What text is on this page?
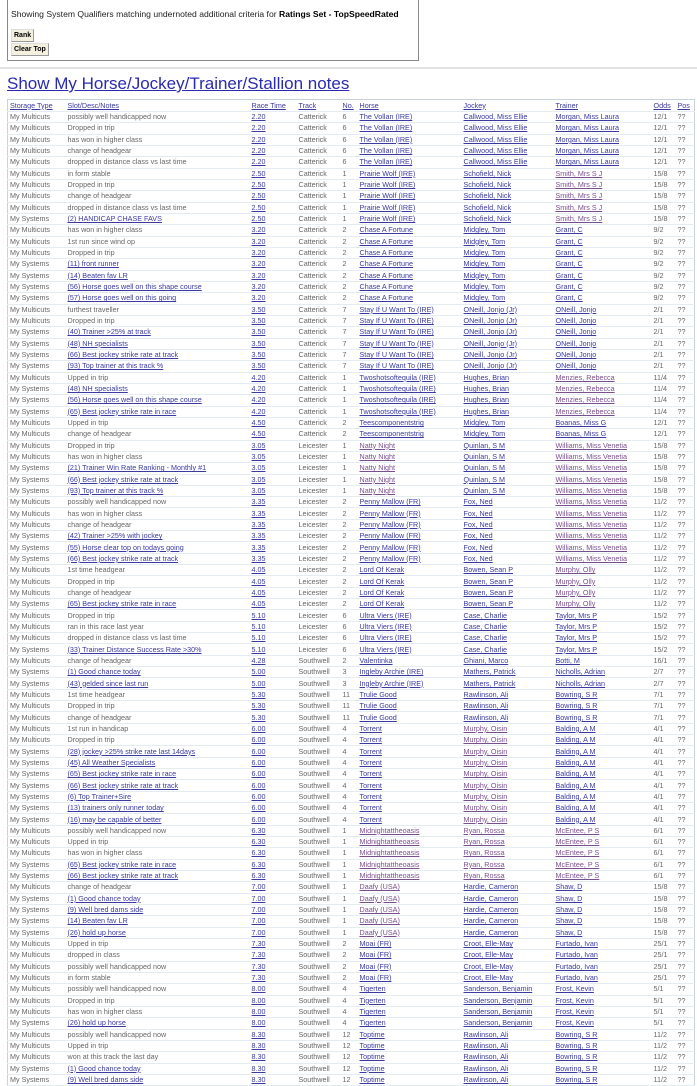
Showing System Qualifiers matching undernoted additional criteria for Ratings Set - TopSpeedRated
Rank
Clear Top
Show My Horse/Jockey/Trainer/Stallion notes
Storage Type	Slot/Desc/Notes	Race Time	Track	No.	Horse	Jockey	Trainer	Odds	Pos
My Multicuts	possibly well handicapped now	2.20	Catterick	6	The Vollan (IRE)	Callwood, Miss Ellie	Morgan, Miss Laura	12/1	??
My Multicuts	Dropped in trip	2.20	Catterick	6	The Vollan (IRE)	Callwood, Miss Ellie	Morgan, Miss Laura	12/1	??
My Multicuts	has won in higher class	2.20	Catterick	6	The Vollan (IRE)	Callwood, Miss Ellie	Morgan, Miss Laura	12/1	??
My Multicuts	change of headgear	2.20	Catterick	6	The Vollan (IRE)	Callwood, Miss Ellie	Morgan, Miss Laura	12/1	??
My Multicuts	dropped in distance class vs last time	2.20	Catterick	6	The Vollan (IRE)	Callwood, Miss Ellie	Morgan, Miss Laura	12/1	??
My Multicuts	in form stable	2.50	Catterick	1	Prairie Wolf (IRE)	Schofield, Nick	Smith, Mrs S J	15/8	??
My Multicuts	Dropped in trip	2.50	Catterick	1	Prairie Wolf (IRE)	Schofield, Nick	Smith, Mrs S J	15/8	??
My Multicuts	change of headgear	2.50	Catterick	1	Prairie Wolf (IRE)	Schofield, Nick	Smith, Mrs S J	15/8	??
My Multicuts	dropped in distance class vs last time	2.50	Catterick	1	Prairie Wolf (IRE)	Schofield, Nick	Smith, Mrs S J	15/8	??
My Systems	(2) HANDICAP CHASE FAVS	2.50	Catterick	1	Prairie Wolf (IRE)	Schofield, Nick	Smith, Mrs S J	15/8	??
My Multicuts	has won in higher class	3.20	Catterick	2	Chase A Fortune	Midgley, Tom	Grant, C	9/2	??
My Multicuts	1st run since wind op	3.20	Catterick	2	Chase A Fortune	Midgley, Tom	Grant, C	9/2	??
My Multicuts	Dropped in trip	3.20	Catterick	2	Chase A Fortune	Midgley, Tom	Grant, C	9/2	??
My Systems	(11) front runner	3.20	Catterick	2	Chase A Fortune	Midgley, Tom	Grant, C	9/2	??
My Systems	(14) Beaten fav LR	3.20	Catterick	2	Chase A Fortune	Midgley, Tom	Grant, C	9/2	??
My Systems	(56) Horse goes well on this shape course	3.20	Catterick	2	Chase A Fortune	Midgley, Tom	Grant, C	9/2	??
My Systems	(57) Horse goes well on this going	3.20	Catterick	2	Chase A Fortune	Midgley, Tom	Grant, C	9/2	??
My Multicuts	furthest traveller	3.50	Catterick	7	Stay If U Want To (IRE)	ONeill, Jonjo (Jr)	ONeill, Jonjo	2/1	??
My Multicuts	Dropped in trip	3.50	Catterick	7	Stay If U Want To (IRE)	ONeill, Jonjo (Jr)	ONeill, Jonjo	2/1	??
My Systems	(40) Trainer >25% at track	3.50	Catterick	7	Stay If U Want To (IRE)	ONeill, Jonjo (Jr)	ONeill, Jonjo	2/1	??
My Systems	(48) NH specialists	3.50	Catterick	7	Stay If U Want To (IRE)	ONeill, Jonjo (Jr)	ONeill, Jonjo	2/1	??
My Systems	(66) Best jockey strike rate at track	3.50	Catterick	7	Stay If U Want To (IRE)	ONeill, Jonjo (Jr)	ONeill, Jonjo	2/1	??
My Systems	(93) Top trainer at this track %	3.50	Catterick	7	Stay If U Want To (IRE)	ONeill, Jonjo (Jr)	ONeill, Jonjo	2/1	??
My Multicuts	Upped in trip	4.20	Catterick	1	Twoshotsoftequila (IRE)	Hughes, Brian	Menzies, Rebecca	11/4	??
My Systems	(48) NH specialists	4.20	Catterick	1	Twoshotsoftequila (IRE)	Hughes, Brian	Menzies, Rebecca	11/4	??
My Systems	(56) Horse goes well on this shape course	4.20	Catterick	1	Twoshotsoftequila (IRE)	Hughes, Brian	Menzies, Rebecca	11/4	??
My Systems	(65) Best jockey strike rate in race	4.20	Catterick	1	Twoshotsoftequila (IRE)	Hughes, Brian	Menzies, Rebecca	11/4	??
My Multicuts	Upped in trip	4.50	Catterick	2	Teescomponentstrig	Midgley, Tom	Boanas, Miss G	12/1	??
My Multicuts	change of headgear	4.50	Catterick	2	Teescomponentstrig	Midgley, Tom	Boanas, Miss G	12/1	??
My Multicuts	Dropped in trip	3.05	Leicester	1	Natty Night	Quinlan, S M	Williams, Miss Venetia	15/8	??
My Multicuts	has won in higher class	3.05	Leicester	1	Natty Night	Quinlan, S M	Williams, Miss Venetia	15/8	??
My Systems	(21) Trainer Win Rate Ranking - Monthly #1	3.05	Leicester	1	Natty Night	Quinlan, S M	Williams, Miss Venetia	15/8	??
My Systems	(66) Best jockey strike rate at track	3.05	Leicester	1	Natty Night	Quinlan, S M	Williams, Miss Venetia	15/8	??
My Systems	(93) Top trainer at this track %	3.05	Leicester	1	Natty Night	Quinlan, S M	Williams, Miss Venetia	15/8	??
My Multicuts	possibly well handicapped now	3.35	Leicester	2	Penny Mallow (FR)	Fox, Ned	Williams, Miss Venetia	11/2	??
My Multicuts	has won in higher class	3.35	Leicester	2	Penny Mallow (FR)	Fox, Ned	Williams, Miss Venetia	11/2	??
My Multicuts	change of headgear	3.35	Leicester	2	Penny Mallow (FR)	Fox, Ned	Williams, Miss Venetia	11/2	??
My Systems	(42) Trainer >25% with jockey	3.35	Leicester	2	Penny Mallow (FR)	Fox, Ned	Williams, Miss Venetia	11/2	??
My Systems	(55) Horse clear top on todays going	3.35	Leicester	2	Penny Mallow (FR)	Fox, Ned	Williams, Miss Venetia	11/2	??
My Systems	(66) Best jockey strike rate at track	3.35	Leicester	2	Penny Mallow (FR)	Fox, Ned	Williams, Miss Venetia	11/2	??
My Multicuts	1st time headgear	4.05	Leicester	2	Lord Of Kerak	Bowen, Sean P	Murphy, Olly	11/2	??
My Multicuts	Dropped in trip	4.05	Leicester	2	Lord Of Kerak	Bowen, Sean P	Murphy, Olly	11/2	??
My Multicuts	change of headgear	4.05	Leicester	2	Lord Of Kerak	Bowen, Sean P	Murphy, Olly	11/2	??
My Systems	(65) Best jockey strike rate in race	4.05	Leicester	2	Lord Of Kerak	Bowen, Sean P	Murphy, Olly	11/2	??
My Multicuts	Dropped in trip	5.10	Leicester	6	Ultra Viers (IRE)	Case, Charlie	Taylor, Mrs P	15/2	??
My Multicuts	ran in this race last year	5.10	Leicester	6	Ultra Viers (IRE)	Case, Charlie	Taylor, Mrs P	15/2	??
My Multicuts	dropped in distance class vs last time	5.10	Leicester	6	Ultra Viers (IRE)	Case, Charlie	Taylor, Mrs P	15/2	??
My Systems	(33) Trainer Distance Success Rate >30%	5.10	Leicester	6	Ultra Viers (IRE)	Case, Charlie	Taylor, Mrs P	15/2	??
My Multicuts	change of headgear	4.28	Southwell	2	Valentinka	Ghiani, Marco	Botti, M	16/1	??
My Systems	(1) Good chance today	5.00	Southwell	3	Ingleby Archie (IRE)	Mathers, Patrick	Nicholls, Adrian	2/7	??
My Systems	(43) gelded since last run	5.00	Southwell	3	Ingleby Archie (IRE)	Mathers, Patrick	Nicholls, Adrian	2/7	??
My Multicuts	1st time headgear	5.30	Southwell	11	Trulie Good	Rawlinson, Ali	Bowring, S R	7/1	??
My Multicuts	Dropped in trip	5.30	Southwell	11	Trulie Good	Rawlinson, Ali	Bowring, S R	7/1	??
My Multicuts	change of headgear	5.30	Southwell	11	Trulie Good	Rawlinson, Ali	Bowring, S R	7/1	??
My Multicuts	1st run in handicap	6.00	Southwell	4	Torrent	Murphy, Oisin	Balding, A M	4/1	??
My Multicuts	Dropped in trip	6.00	Southwell	4	Torrent	Murphy, Oisin	Balding, A M	4/1	??
My Systems	(28) jockey >25% strike rate last 14days	6.00	Southwell	4	Torrent	Murphy, Oisin	Balding, A M	4/1	??
My Systems	(45) All Weather Specialists	6.00	Southwell	4	Torrent	Murphy, Oisin	Balding, A M	4/1	??
My Systems	(65) Best jockey strike rate in race	6.00	Southwell	4	Torrent	Murphy, Oisin	Balding, A M	4/1	??
My Systems	(66) Best jockey strike rate at track	6.00	Southwell	4	Torrent	Murphy, Oisin	Balding, A M	4/1	??
My Systems	(6) Top Trainer+Sire	6.00	Southwell	4	Torrent	Murphy, Oisin	Balding, A M	4/1	??
My Systems	(13) trainers only runner today	6.00	Southwell	4	Torrent	Murphy, Oisin	Balding, A M	4/1	??
My Systems	(16) may be capable of better	6.00	Southwell	4	Torrent	Murphy, Oisin	Balding, A M	4/1	??
My Multicuts	possibly well handicapped now	6.30	Southwell	1	Midnightattheoasis	Ryan, Rossa	McEntee, P S	6/1	??
My Multicuts	Upped in trip	6.30	Southwell	1	Midnightattheoasis	Ryan, Rossa	McEntee, P S	6/1	??
My Multicuts	has won in higher class	6.30	Southwell	1	Midnightattheoasis	Ryan, Rossa	McEntee, P S	6/1	??
My Systems	(65) Best jockey strike rate in race	6.30	Southwell	1	Midnightattheoasis	Ryan, Rossa	McEntee, P S	6/1	??
My Systems	(66) Best jockey strike rate at track	6.30	Southwell	1	Midnightattheoasis	Ryan, Rossa	McEntee, P S	6/1	??
My Multicuts	change of headgear	7.00	Southwell	1	Daafy (USA)	Hardie, Cameron	Shaw, D	15/8	??
My Systems	(1) Good chance today	7.00	Southwell	1	Daafy (USA)	Hardie, Cameron	Shaw, D	15/8	??
My Systems	(9) Well bred dams side	7.00	Southwell	1	Daafy (USA)	Hardie, Cameron	Shaw, D	15/8	??
My Systems	(14) Beaten fav LR	7.00	Southwell	1	Daafy (USA)	Hardie, Cameron	Shaw, D	15/8	??
My Systems	(26) hold up horse	7.00	Southwell	1	Daafy (USA)	Hardie, Cameron	Shaw, D	15/8	??
My Multicuts	Upped in trip	7.30	Southwell	2	Moai (FR)	Croot, Elle-May	Furtado, Ivan	25/1	??
My Multicuts	dropped in class	7.30	Southwell	2	Moai (FR)	Croot, Elle-May	Furtado, Ivan	25/1	??
My Multicuts	possibly well handicapped now	7.30	Southwell	2	Moai (FR)	Croot, Elle-May	Furtado, Ivan	25/1	??
My Multicuts	in form stable	7.30	Southwell	2	Moai (FR)	Croot, Elle-May	Furtado, Ivan	25/1	??
My Multicuts	possibly well handicapped now	8.00	Southwell	4	Tigerten	Sanderson, Benjamin	Frost, Kevin	5/1	??
My Multicuts	Dropped in trip	8.00	Southwell	4	Tigerten	Sanderson, Benjamin	Frost, Kevin	5/1	??
My Multicuts	has won in higher class	8.00	Southwell	4	Tigerten	Sanderson, Benjamin	Frost, Kevin	5/1	??
My Systems	(26) hold up horse	8.00	Southwell	4	Tigerten	Sanderson, Benjamin	Frost, Kevin	5/1	??
My Multicuts	possibly well handicapped now	8.30	Southwell	12	Toptime	Rawlinson, Ali	Bowring, S R	11/2	??
My Multicuts	Upped in trip	8.30	Southwell	12	Toptime	Rawlinson, Ali	Bowring, S R	11/2	??
My Multicuts	won at this track the last day	8.30	Southwell	12	Toptime	Rawlinson, Ali	Bowring, S R	11/2	??
My Systems	(1) Good chance today	8.30	Southwell	12	Toptime	Rawlinson, Ali	Bowring, S R	11/2	??
My Systems	(9) Well bred dams side	8.30	Southwell	12	Toptime	Rawlinson, Ali	Bowring, S R	11/2	??
